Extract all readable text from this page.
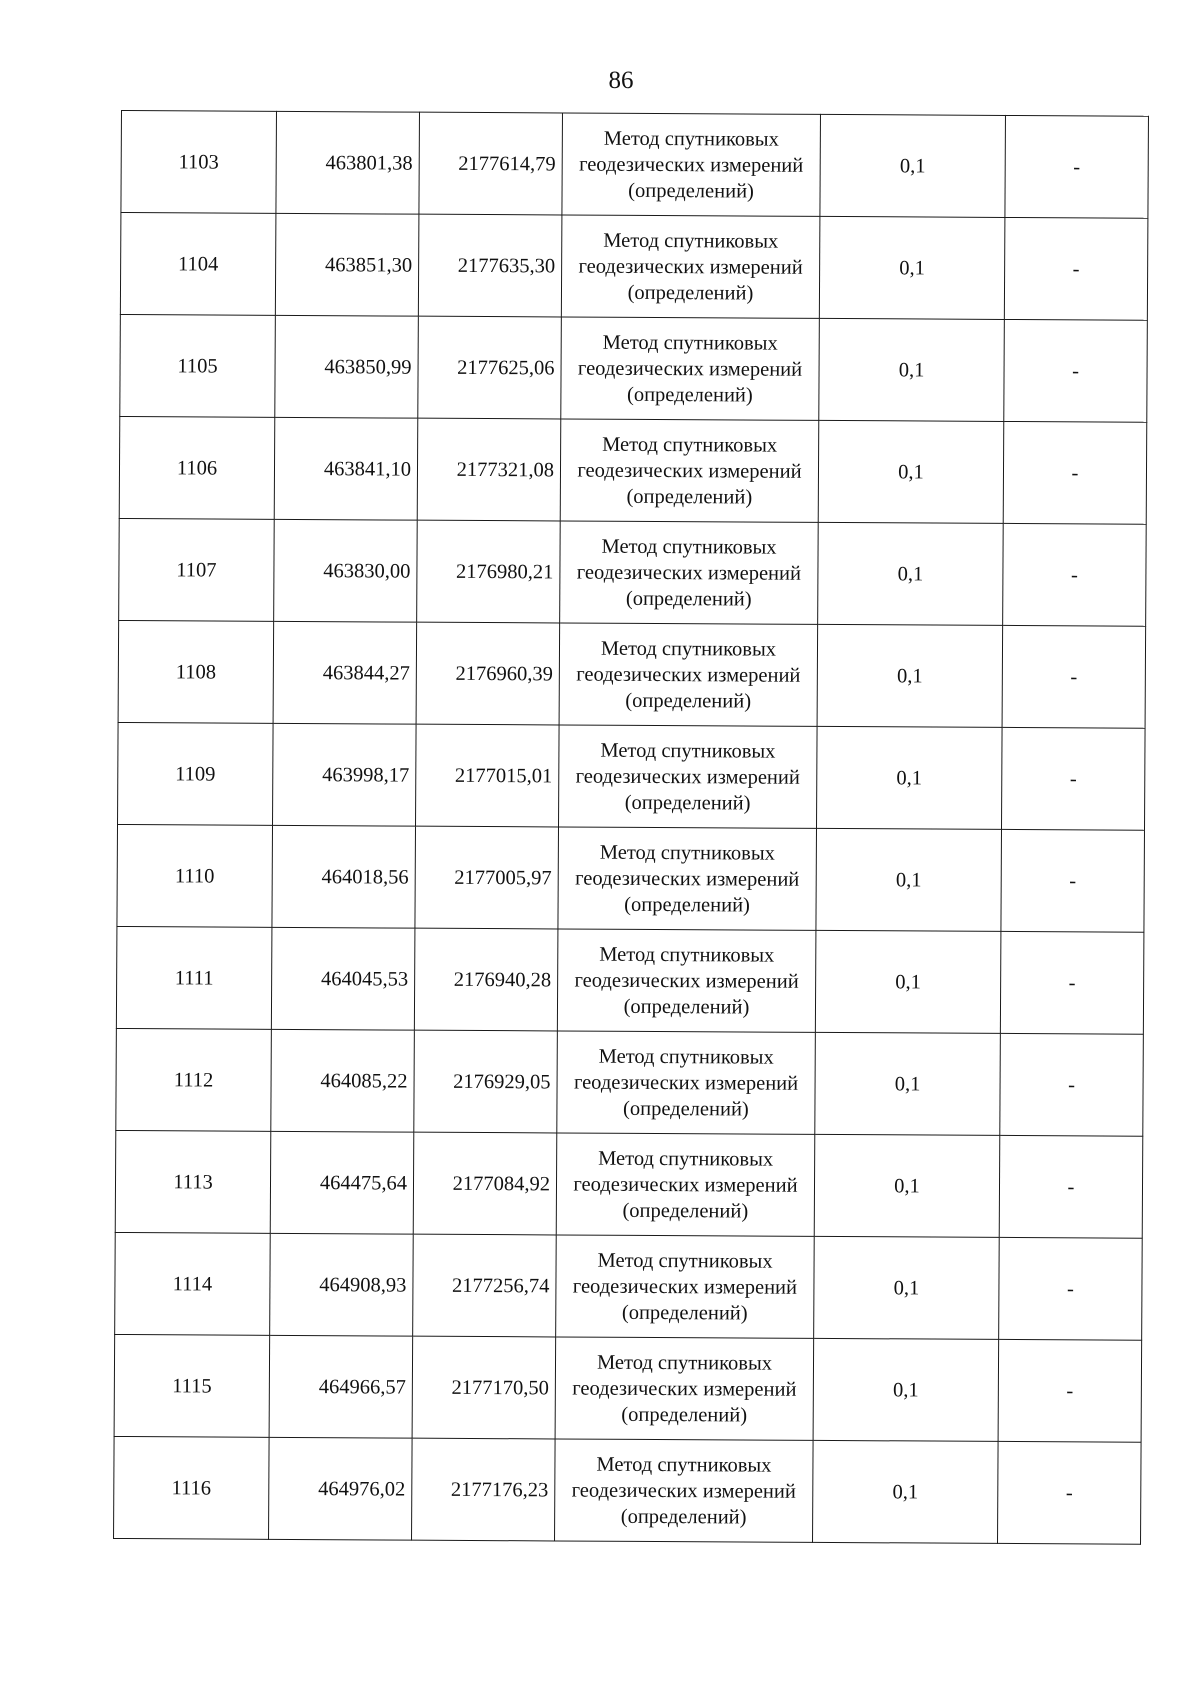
86
1103	463801,38	2177614,79	Метод спутниковых
геодезических измерений
(определений)	0,1	-
1104	463851,30	2177635,30	Метод спутниковых
геодезических измерений
(определений)	0,1	-
1105	463850,99	2177625,06	Метод спутниковых
геодезических измерений
(определений)	0,1	-
1106	463841,10	2177321,08	Метод спутниковых
геодезических измерений
(определений)	0,1	-
1107	463830,00	2176980,21	Метод спутниковых
геодезических измерений
(определений)	0,1	-
1108	463844,27	2176960,39	Метод спутниковых
геодезических измерений
(определений)	0,1	-
1109	463998,17	2177015,01	Метод спутниковых
геодезических измерений
(определений)	0,1	-
1110	464018,56	2177005,97	Метод спутниковых
геодезических измерений
(определений)	0,1	-
1111	464045,53	2176940,28	Метод спутниковых
геодезических измерений
(определений)	0,1	-
1112	464085,22	2176929,05	Метод спутниковых
геодезических измерений
(определений)	0,1	-
1113	464475,64	2177084,92	Метод спутниковых
геодезических измерений
(определений)	0,1	-
1114	464908,93	2177256,74	Метод спутниковых
геодезических измерений
(определений)	0,1	-
1115	464966,57	2177170,50	Метод спутниковых
геодезических измерений
(определений)	0,1	-
1116	464976,02	2177176,23	Метод спутниковых
геодезических измерений
(определений)	0,1	-
